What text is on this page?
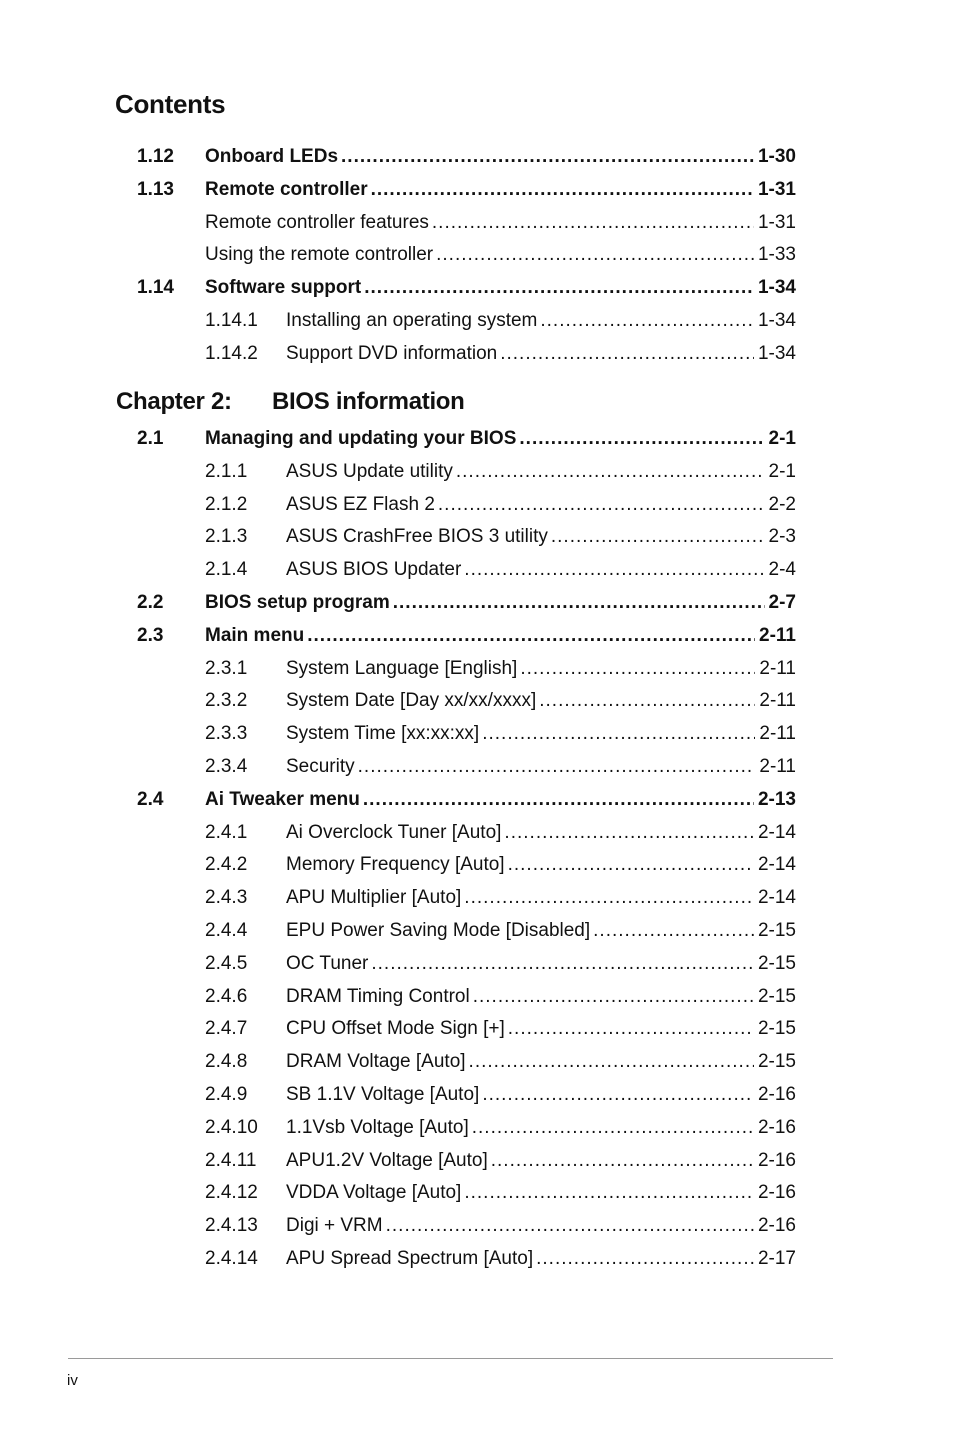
Contents
1.12 Onboard LEDs .....	1-30
1.13 Remote controller .....	1-31
Remote controller features .....	1-31
Using the remote controller .....	1-33
1.14 Software support .....	1-34
1.14.1 Installing an operating system .....	1-34
1.14.2 Support DVD information .....	1-34
Chapter 2:	BIOS information
2.1 Managing and updating your BIOS .....	2-1
2.1.1 ASUS Update utility .....	2-1
2.1.2 ASUS EZ Flash 2 .....	2-2
2.1.3 ASUS CrashFree BIOS 3 utility .....	2-3
2.1.4 ASUS BIOS Updater .....	2-4
2.2 BIOS setup program .....	2-7
2.3 Main menu .....	2-11
2.3.1 System Language [English] .....	2-11
2.3.2 System Date [Day xx/xx/xxxx] .....	2-11
2.3.3 System Time [xx:xx:xx] .....	2-11
2.3.4 Security .....	2-11
2.4 Ai Tweaker menu .....	2-13
2.4.1 Ai Overclock Tuner [Auto] .....	2-14
2.4.2 Memory Frequency [Auto] .....	2-14
2.4.3 APU Multiplier [Auto] .....	2-14
2.4.4 EPU Power Saving Mode [Disabled] .....	2-15
2.4.5 OC Tuner .....	2-15
2.4.6 DRAM Timing Control .....	2-15
2.4.7 CPU Offset Mode Sign [+] .....	2-15
2.4.8 DRAM Voltage [Auto] .....	2-15
2.4.9 SB 1.1V Voltage [Auto] .....	2-16
2.4.10 1.1Vsb Voltage [Auto] .....	2-16
2.4.11 APU1.2V Voltage [Auto] .....	2-16
2.4.12 VDDA Voltage [Auto] .....	2-16
2.4.13 Digi + VRM .....	2-16
2.4.14 APU Spread Spectrum [Auto] .....	2-17
iv
